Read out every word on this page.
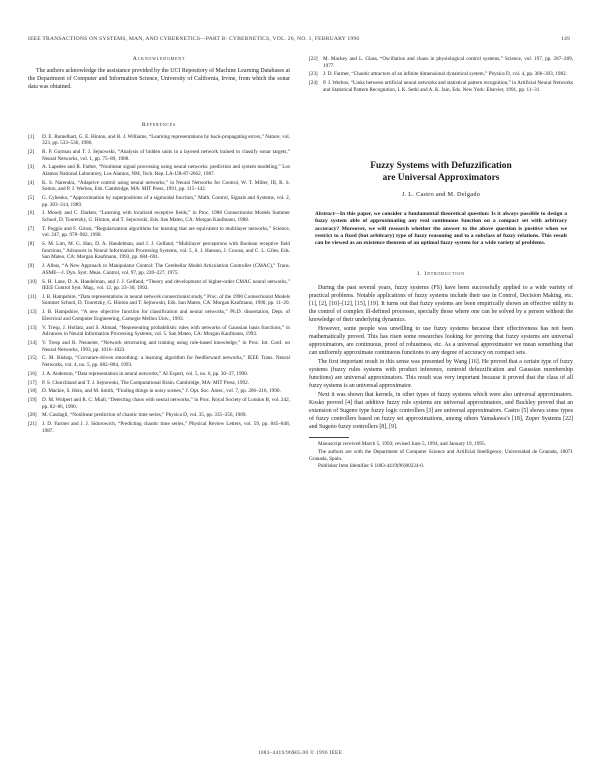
IEEE TRANSACTIONS ON SYSTEMS, MAN, AND CYBERNETICS—PART B: CYBERNETICS, VOL. 26, NO. 1, FEBRUARY 1996	149
Acknowledgment

The authors acknowledge the assistance provided by the UCI Repository of Machine Learning Databases at the Department of Computer and Information Science, University of California, Irvine, from which the sonar data was obtained.

References
[1] D. E. Rumelhart, G. E. Hinton, and R. J. Williams, “Learning representations by back-propagating errors,” Nature, vol. 323, pp. 533–536, 1986.
[2] R. P. Gorman and T. J. Sejnowski, “Analysis of hidden units in a layered network trained to classify sonar targets,” Neural Networks, vol. 1, pp. 75–89, 1988.
[3] A. Lapedes and R. Farber, “Nonlinear signal processing using neural networks: prediction and system modeling,” Los Alamos National Laboratory, Los Alamos, NM, Tech. Rep. LA-UR-87-2662, 1987.
[4] K. S. Narendra, “Adaptive control using neural networks,” in Neural Networks for Control, W. T. Miller, III, R. S. Sutton, and P. J. Werbos, Eds. Cambridge, MA: MIT Press, 1991, pp. 115–142.
[5] G. Cybenko, “Approximation by superpositions of a sigmoidal function,” Math. Control, Signals and Systems, vol. 2, pp. 303–314, 1989.
[6] J. Moody and C. Darken, “Learning with localized receptive fields,” in Proc. 1988 Connectionist Models Summer School, D. Touretzky, G. Hinton, and T. Sejnowski, Eds. San Mateo, CA: Morgan Kaufmann, 1988.
[7] T. Poggio and F. Girosi, “Regularization algorithms for learning that are equivalent to multilayer networks,” Science, vol. 247, pp. 978–982, 1990.
[8] S. M. Lim, M. G. Han, D. A. Handelman, and J. J. Gelfand, “Multilayer perceptrons with Boolean receptive field functions,” Advances in Neural Information Processing Systems, vol. 5, S. J. Hanson, J. Cowan, and C. L. Giles, Eds. San Mateo, CA: Morgan Kaufmann, 1993, pp. 684–691.
[9] J. Albus, “A New Approach to Manipulator Control: The Cerebellar Model Articulation Controller (CMAC),” Trans. ASME—J. Dyn. Syst. Meas. Control, vol. 97, pp. 220–227, 1975.
[10] S. H. Lane, D. A. Handelman, and J. J. Gelfand, “Theory and development of higher-order CMAC neural networks,” IEEE Control Syst. Mag., vol. 12, pp. 23–30, 1992.
[11] J. B. Hampshire, “Data representations in neural network connectionist study,” Proc. of the 1990 Connectionist Models Summer School, D. Touretzky, G. Hinton and T. Sejnowski, Eds. San Mateo, CA: Morgan Kaufmann, 1990, pp. 11–20.
[12] J. B. Hampshire, “A new objective function for classification and neural networks,” Ph.D. dissertation, Dept. of Electrical and Computer Engineering, Carnegie Mellon Univ., 1993.
[13] V. Tresp, J. Hollatz, and S. Ahmad, “Representing probabilistic rules with networks of Gaussian basis functions,” in Advances in Neural Information Processing Systems, vol. 5. San Mateo, CA: Morgan Kaufmann, 1993.
[14] V. Tresp and R. Neuneier, “Network structuring and training using rule-based knowledge,” in Proc. Int. Conf. on Neural Networks, 1993, pp. 1016–1023.
[15] C. M. Bishop, “Curvature-driven smoothing: a learning algorithm for feedforward networks,” IEEE Trans. Neural Networks, vol. 4, no. 5, pp. 882–884, 1993.
[16] J. A. Anderson, “Data representation in neural networks,” AI Expert, vol. 5, no. 6, pp. 30–37, 1990.
[17] P. S. Churchland and T. J. Sejnowski, The Computational Brain. Cambridge, MA: MIT Press, 1992.
[18] D. Mackie, S. Hein, and M. Smith, “Finding things in noisy scenes,” J. Opt. Soc. Amer., vol. 7, pp. 206–216, 1990.
[19] D. M. Wolpert and R. C. Miall, “Detecting chaos with neural networks,” in Proc. Royal Society of London B, vol. 242, pp. 82–86, 1990.
[20] M. Casdagli, “Nonlinear prediction of chaotic time series,” Physica D, vol. 35, pp. 335–356, 1989.
[21] J. D. Farmer and J. J. Sidorowich, “Predicting chaotic time series,” Physical Review Letters, vol. 59, pp. 845–848, 1987.
[22] M. Mackey and L. Glass, “Oscillation and chaos in physiological control systems,” Science, vol. 197, pp. 287–289, 1977.
[23] J. D. Farmer, “Chaotic attractors of an infinite dimensional dynamical system,” Physica D, vol. 4, pp. 366–393, 1982.
[24] P. J. Werbos, “Links between artificial neural networks and statistical pattern recognition,” in Artificial Neural Networks and Statistical Pattern Recognition, I. K. Sethi and A. K. Jain, Eds. New York: Elsevier, 1991, pp. 11–31.
Fuzzy Systems with Defuzzification
are Universal Approximators
J. L. Castro and M. Delgado
Abstract—In this paper, we consider a fundamental theoretical question: Is it always possible to design a fuzzy system able of approximating any real continuous function on a compact set with arbitrary accuracy? Moreover, we will research whether the answer to the above question is positive when we restrict to a fixed (but arbitrary) type of fuzzy reasoning and to a subclass of fuzzy relations. This result can be viewed as an existence theorem of an optimal fuzzy system for a wide variety of problems.
I. Introduction

During the past several years, fuzzy systems (FS) have been successfully applied to a wide variety of practical problems. Notable applications of fuzzy systems include their use in Control, Decision Making, etc. [1], [2], [10]–[12], [15], [19]. It turns out that fuzzy systems are been empirically shown an effective utility in the control of complex ill-defined processes, specially those where one can be solved by a person without the knowledge of their underlying dynamics.

However, some people was unwilling to use fuzzy systems because their effectiveness has not been mathematically proved. This has risen some researches looking for proving that fuzzy systems are universal approximators, are continuous, proof of robustness, etc. As a universal approximator we mean something that can uniformly approximate continuous functions to any degree of accuracy on compact sets.

The first important result in this sense was presented by Wang [16]. He proved that a certain type of fuzzy systems (fuzzy rules systems with product inference, centroid defuzzification and Gaussian membership functions) are universal approximators. This result was very important because it proved that the class of all fuzzy systems is an universal approximator.

Next it was shown that kernels, in other types of fuzzy systems which were also universal approximators. Kosko proved [4] that additive fuzzy rule systems are universal approximators, and Buckley proved that an extension of Sugeno type fuzzy logic controllers [3] are universal approximators. Castro [5] shows some types of fuzzy controllers based on fuzzy set approximations, among others Yamakawa’s [18], Zuper Systems [22] and Sugeno fuzzy controllers [8], [9].

Manuscript received March 5, 1993; revised June 5, 1994, and January 19, 1995.

The authors are with the Department of Computer Science and Artificial Intelligence, Universidad de Granada, 18071 Granada, Spain.

Publisher Item Identifier S 1083-4419(96)00224-0.

1083–4419/96$05.00 © 1996 IEEE
